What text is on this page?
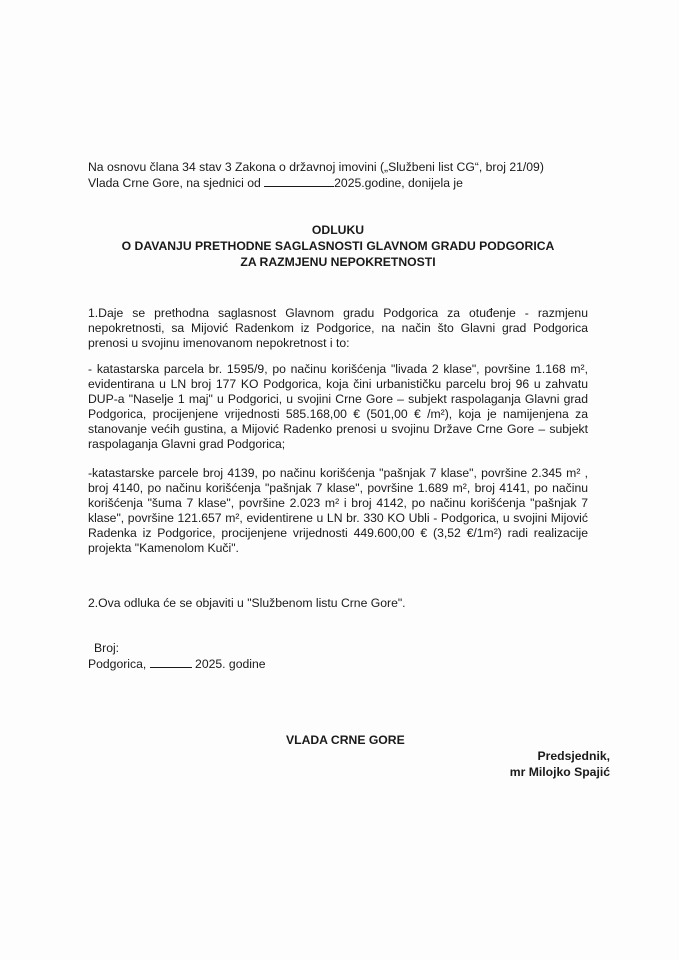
Na osnovu člana 34 stav 3 Zakona o državnoj imovini („Službeni list CG“, broj 21/09)
Vlada Crne Gore, na sjednici od	2025.godine, donijela je

ODLUKU
O DAVANJU PRETHODNE SAGLASNOSTI GLAVNOM GRADU PODGORICA
ZA RAZMJENU NEPOKRETNOSTI

1.Daje se prethodna saglasnost Glavnom gradu Podgorica za otuđenje - razmjenu nepokretnosti, sa Mijović Radenkom iz Podgorice, na način što Glavni grad Podgorica prenosi u svojinu imenovanom nepokretnost i to:

- katastarska parcela br. 1595/9, po načinu korišćenja "livada 2 klase", površine 1.168 m², evidentirana u LN broj 177 KO Podgorica, koja čini urbanističku parcelu broj 96 u zahvatu DUP-a "Naselje 1 maj" u Podgorici, u svojini Crne Gore – subjekt raspolaganja Glavni grad Podgorica, procijenjene vrijednosti 585.168,00 € (501,00 € /m²), koja je namijenjena za stanovanje većih gustina, a Mijović Radenko prenosi u svojinu Države Crne Gore – subjekt raspolaganja Glavni grad Podgorica;

-katastarske parcele broj 4139, po načinu korišćenja "pašnjak 7 klase", površine 2.345 m² , broj 4140, po načinu korišćenja "pašnjak 7 klase", površine 1.689 m², broj 4141, po načinu korišćenja "šuma 7 klase", površine 2.023 m² i broj 4142, po načinu korišćenja "pašnjak 7 klase", površine 121.657 m², evidentirene u LN br. 330 KO Ubli - Podgorica, u svojini Mijović Radenka iz Podgorice, procijenjene vrijednosti 449.600,00 € (3,52 €/1m²) radi realizacije projekta "Kamenolom Kuči".

2.Ova odluka će se objaviti u "Službenom listu Crne Gore".

Broj:
Podgorica,	2025. godine
VLADA CRNE GORE
Predsjednik,
mr Milojko Spajić
